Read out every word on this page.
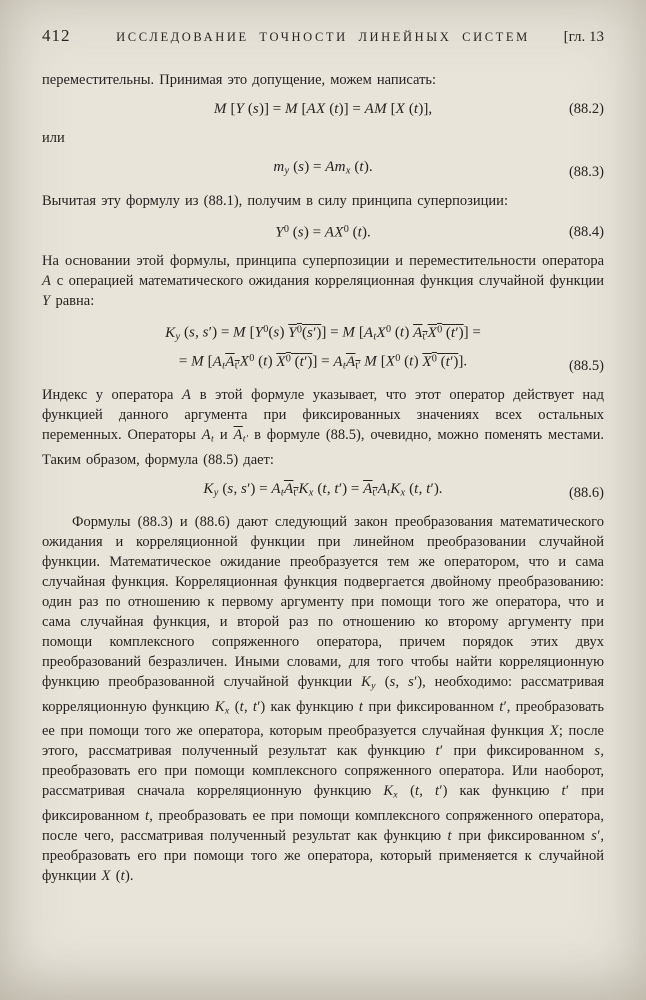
412	ИССЛЕДОВАНИЕ ТОЧНОСТИ ЛИНЕЙНЫХ СИСТЕМ	[гл. 13

переместительны. Принимая это допущение, можем написать:

M [Y (s)] = M [AX (t)] = AM [X (t)],	(88.2)

или

$m_y$ $(s) = Am_x$ (t).	(88.3)

Вычитая эту формулу из (88.1), получим в силу принципа суперпозиции:

$Y^0$ $(s) = AX^0$ (t).	(88.4)

На основании этой формулы, принципа суперпозиции и переместительности оператора A с операцией математического ожидания корреляционная функция случайной функции Y равна:

$K_y$ (s, s′) = M $[Y^0(s) Y^0(s')] = M$ [$A_tX^0$ (t) $A_{t'}X^0$ (t′)] =
= M [$A_tA_{t'}X^0$ (t) $X^0$ $(t')] = A_tA_{t'}$ M [$X^0$ (t) $X^0$ (t′)].	(88.5)

Индекс у оператора A в этой формуле указывает, что этот оператор действует над функцией данного аргумента при фиксированных значениях всех остальных переменных. Операторы $A_t$ и $\overline{A}_{t'}$ в формуле (88.5), очевидно, можно поменять местами. Таким образом, формула (88.5) дает:

$K_y$ (s, $s') = A_tA_{t'}K_x$ (t, $t') = A_{t'}A_tK_x$ (t, t′).	(88.6)

Формулы (88.3) и (88.6) дают следующий закон преобразования математического ожидания и корреляционной функции при линейном преобразовании случайной функции. Математическое ожидание преобразуется тем же оператором, что и сама случайная функция. Корреляционная функция подвергается двойному преобразованию: один раз по отношению к первому аргументу при помощи того же оператора, что и сама случайная функция, и второй раз по отношению ко второму аргументу при помощи комплексного сопряженного оператора, причем порядок этих двух преобразований безразличен. Иными словами, для того чтобы найти корреляционную функцию преобразованной случайной функции $K_y$ (s, s′), необходимо: рассматривая корреляционную функцию $K_x$ (t, t′) как функцию t при фиксированном t′, преобразовать ее при помощи того же оператора, которым преобразуется случайная функция X; после этого, рассматривая полученный результат как функцию t′ при фиксированном s, преобразовать его при помощи комплексного сопряженного оператора. Или наоборот, рассматривая сначала корреляционную функцию $K_x$ (t, t′) как функцию t′ при фиксированном t, преобразовать ее при помощи комплексного сопряженного оператора, после чего, рассматривая полученный результат как функцию t при фиксированном s′, преобразовать его при помощи того же оператора, который применяется к случайной функции X (t).
